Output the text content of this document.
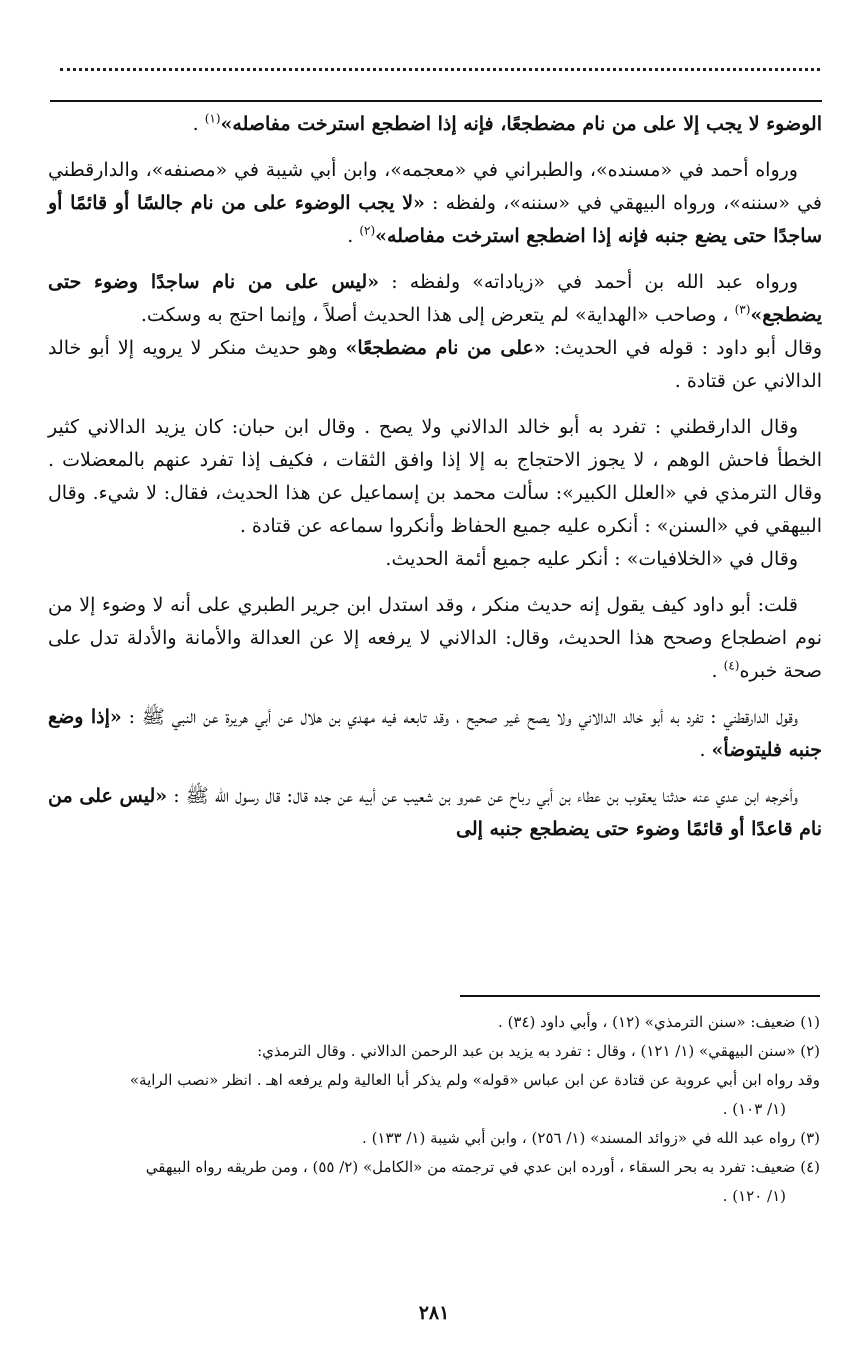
الوضوء لا يجب إلا على من نام مضطجعًا، فإنه إذا اضطجع استرخت مفاصله»$^{(١)}$ .

ورواه أحمد في «مسنده»، والطبراني في «معجمه»، وابن أبي شيبة في «مصنفه»، والدارقطني في «سننه»، ورواه البيهقي في «سننه»، ولفظه : «لا يجب الوضوء على من نام جالسًا أو قائمًا أو ساجدًا حتى يضع جنبه فإنه إذا اضطجع استرخت مفاصله»$^{(٢)}$ .

ورواه عبد الله بن أحمد في «زياداته» ولفظه : «ليس على من نام ساجدًا وضوء حتى يضطجع»$^{(٣)}$ ، وصاحب «الهداية» لم يتعرض إلى هذا الحديث أصلاً ، وإنما احتج به وسكت.

وقال أبو داود : قوله في الحديث: «على من نام مضطجعًا» وهو حديث منكر لا يرويه إلا أبو خالد الدالاني عن قتادة .

وقال الدارقطني : تفرد به أبو خالد الدالاني ولا يصح . وقال ابن حبان: كان يزيد الدالاني كثير الخطأ فاحش الوهم ، لا يجوز الاحتجاج به إلا إذا وافق الثقات ، فكيف إذا تفرد عنهم بالمعضلات . وقال الترمذي في «العلل الكبير»: سألت محمد بن إسماعيل عن هذا الحديث، فقال: لا شيء. وقال البيهقي في «السنن» : أنكره عليه جميع الحفاظ وأنكروا سماعه عن قتادة .

وقال في «الخلافيات» : أنكر عليه جميع أئمة الحديث.

قلت: أبو داود كيف يقول إنه حديث منكر ، وقد استدل ابن جرير الطبري على أنه لا وضوء إلا من نوم اضطجاع وصحح هذا الحديث، وقال: الدالاني لا يرفعه إلا عن العدالة والأمانة والأدلة تدل على صحة خبره$^{(٤)}$ .

وقول الدارقطني : تفرد به أبو خالد الدالاني ولا يصح غير صحيح ، وقد تابعه فيه مهدي بن هلال عن أبي هريرة عن النبي ﷺ : «إذا وضع جنبه فليتوضأ» .

وأخرجه ابن عدي عنه حدثنا يعقوب بن عطاء بن أبي رباح عن عمرو بن شعيب عن أبيه عن جده قال: قال رسول الله ﷺ : «ليس على من نام قاعدًا أو قائمًا وضوء حتى يضطجع جنبه إلى

(١) ضعيف: «سنن الترمذي» (١٢) ، وأبي داود (٣٤) .

(٢) «سنن البيهقي» (١/ ١٢١) ، وقال : تفرد به يزيد بن عبد الرحمن الدالاني . وقال الترمذي:

وقد رواه ابن أبي عروبة عن قتادة عن ابن عباس «قوله» ولم يذكر أبا العالية ولم يرفعه اهـ . انظر «نصب الراية»

(١/ ١٠٣) .

(٣) رواه عبد الله في «زوائد المسند» (١/ ٢٥٦) ، وابن أبي شيبة (١/ ١٣٣) .

(٤) ضعيف: تفرد به بحر السقاء ، أورده ابن عدي في ترجمته من «الكامل» (٢/ ٥٥) ، ومن طريقه رواه البيهقي

(١/ ١٢٠) .

٢٨١
